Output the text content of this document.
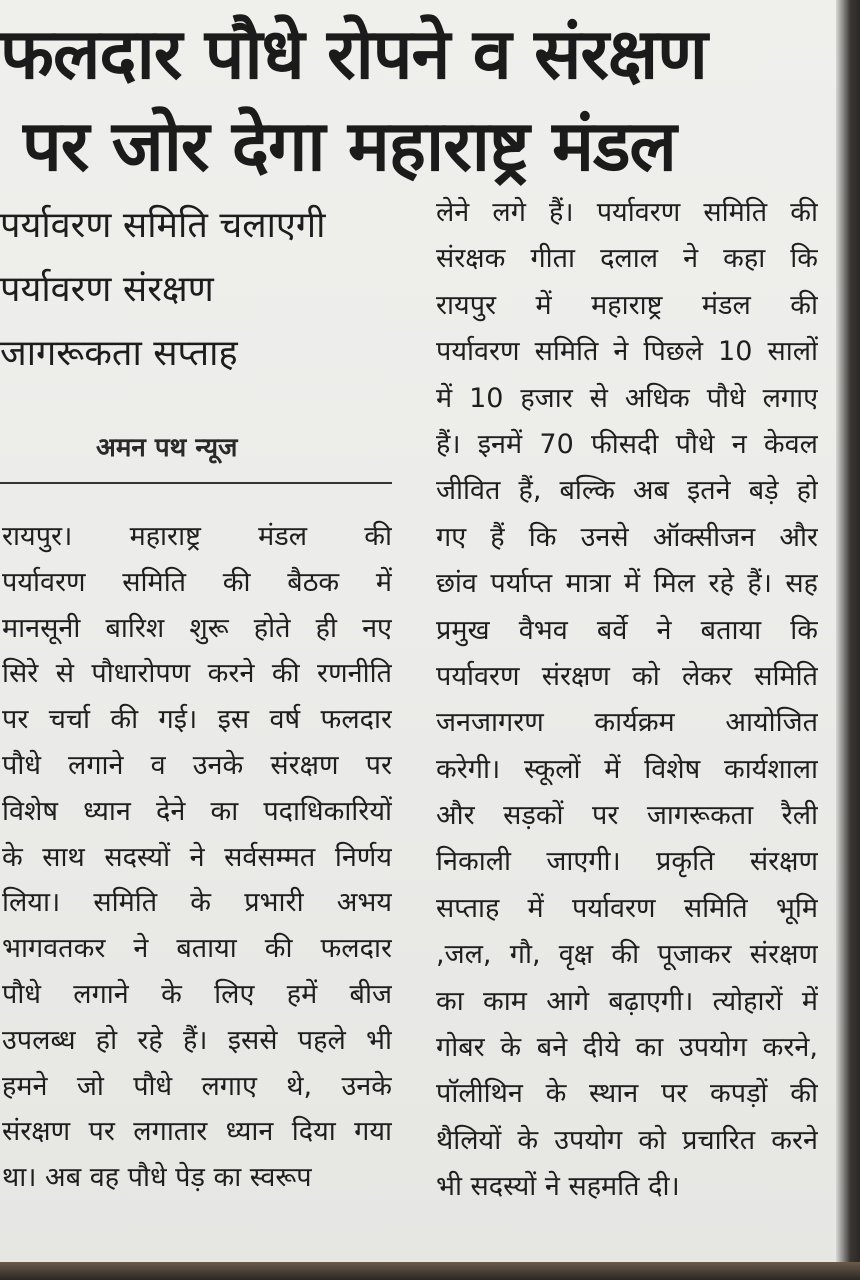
फलदार पौधे रोपने व संरक्षण
पर जोर देगा महाराष्ट्र मंडल
पर्यावरण समिति चलाएगी
पर्यावरण संरक्षण
जागरूकता सप्ताह
अमन पथ न्यूज
रायपुर। महाराष्ट्र मंडल की
पर्यावरण समिति की बैठक में
मानसूनी बारिश शुरू होते ही नए
सिरे से पौधारोपण करने की रणनीति
पर चर्चा की गई। इस वर्ष फलदार
पौधे लगाने व उनके संरक्षण पर
विशेष ध्यान देने का पदाधिकारियों
के साथ सदस्यों ने सर्वसम्मत निर्णय
लिया। समिति के प्रभारी अभय
भागवतकर ने बताया की फलदार
पौधे लगाने के लिए हमें बीज
उपलब्ध हो रहे हैं। इससे पहले भी
हमने जो पौधे लगाए थे, उनके
संरक्षण पर लगातार ध्यान दिया गया
था। अब वह पौधे पेड़ का स्वरूप
लेने लगे हैं। पर्यावरण समिति की
संरक्षक गीता दलाल ने कहा कि
रायपुर में महाराष्ट्र मंडल की
पर्यावरण समिति ने पिछले 10 सालों
में 10 हजार से अधिक पौधे लगाए
हैं। इनमें 70 फीसदी पौधे न केवल
जीवित हैं, बल्कि अब इतने बड़े हो
गए हैं कि उनसे ऑक्सीजन और
छांव पर्याप्त मात्रा में मिल रहे हैं। सह
प्रमुख वैभव बर्वे ने बताया कि
पर्यावरण संरक्षण को लेकर समिति
जनजागरण कार्यक्रम आयोजित
करेगी। स्कूलों में विशेष कार्यशाला
और सड़कों पर जागरूकता रैली
निकाली जाएगी। प्रकृति संरक्षण
सप्ताह में पर्यावरण समिति भूमि
,जल, गौ, वृक्ष की पूजाकर संरक्षण
का काम आगे बढ़ाएगी। त्योहारों में
गोबर के बने दीये का उपयोग करने,
पॉलीथिन के स्थान पर कपड़ों की
थैलियों के उपयोग को प्रचारित करने
भी सदस्यों ने सहमति दी।
